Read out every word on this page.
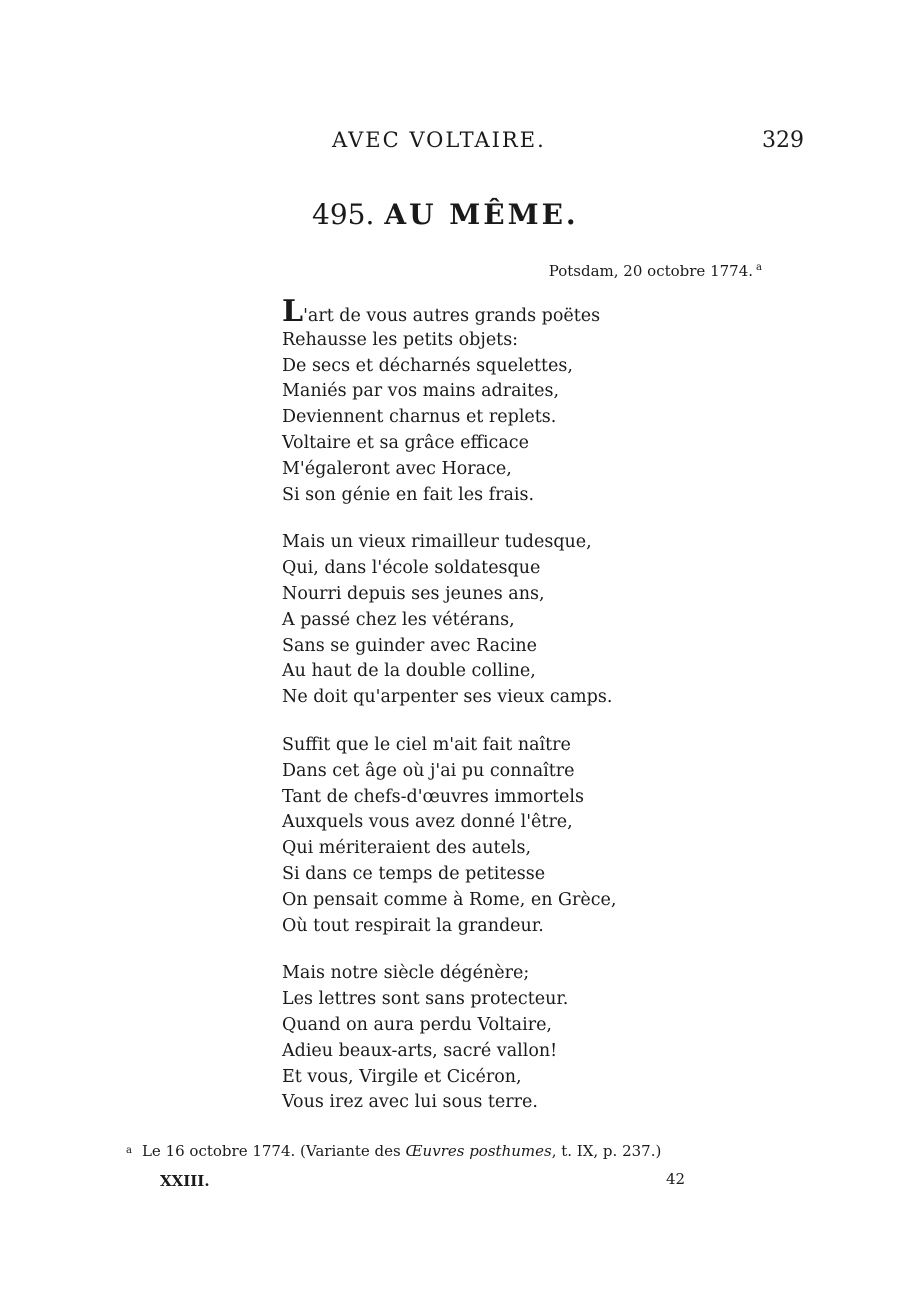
AVEC VOLTAIRE.	329
495. AU MÊME.
Potsdam, 20 octobre 1774. $^a$
L'art de vous autres grands poëtes
Rehausse les petits objets:
De secs et décharnés squelettes,
Maniés par vos mains adraites,
Deviennent charnus et replets.
Voltaire et sa grâce efficace
M'égaleront avec Horace,
Si son génie en fait les frais.
Mais un vieux rimailleur tudesque,
Qui, dans l'école soldatesque
Nourri depuis ses jeunes ans,
A passé chez les vétérans,
Sans se guinder avec Racine
Au haut de la double colline,
Ne doit qu'arpenter ses vieux camps.
Suffit que le ciel m'ait fait naître
Dans cet âge où j'ai pu connaître
Tant de chefs-d'œuvres immortels
Auxquels vous avez donné l'être,
Qui mériteraient des autels,
Si dans ce temps de petitesse
On pensait comme à Rome, en Grèce,
Où tout respirait la grandeur.
Mais notre siècle dégénère;
Les lettres sont sans protecteur.
Quand on aura perdu Voltaire,
Adieu beaux-arts, sacré vallon!
Et vous, Virgile et Cicéron,
Vous irez avec lui sous terre.
$^a$ Le 16 octobre 1774. (Variante des Œuvres posthumes, t. IX, p. 237.)
XXIII.	42
